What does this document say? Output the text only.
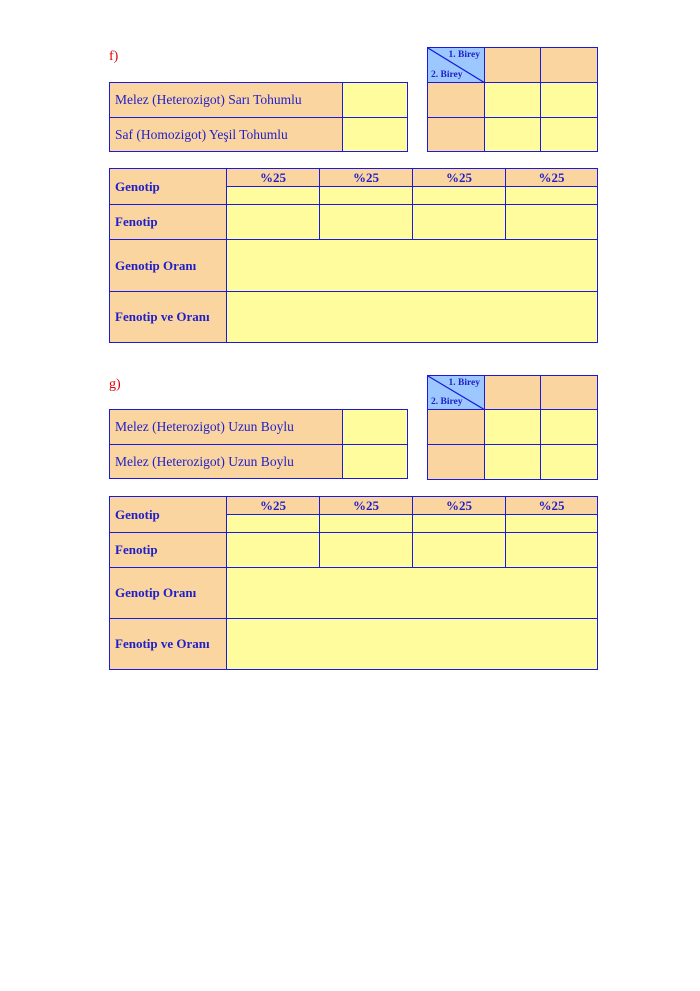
f)
Melez (Heterozigot) Sarı Tohumlu	
Saf (Homozigot) Yeşil Tohumlu	
1. Birey
2. Birey		

Genotip	%25	%25	%25	%25

Fenotip				
Genotip Oranı				
Fenotip ve Oranı				
g)
Melez (Heterozigot) Uzun Boylu	
Melez (Heterozigot) Uzun Boylu	
1. Birey
2. Birey		

Genotip	%25	%25	%25	%25

Fenotip				
Genotip Oranı				
Fenotip ve Oranı				
